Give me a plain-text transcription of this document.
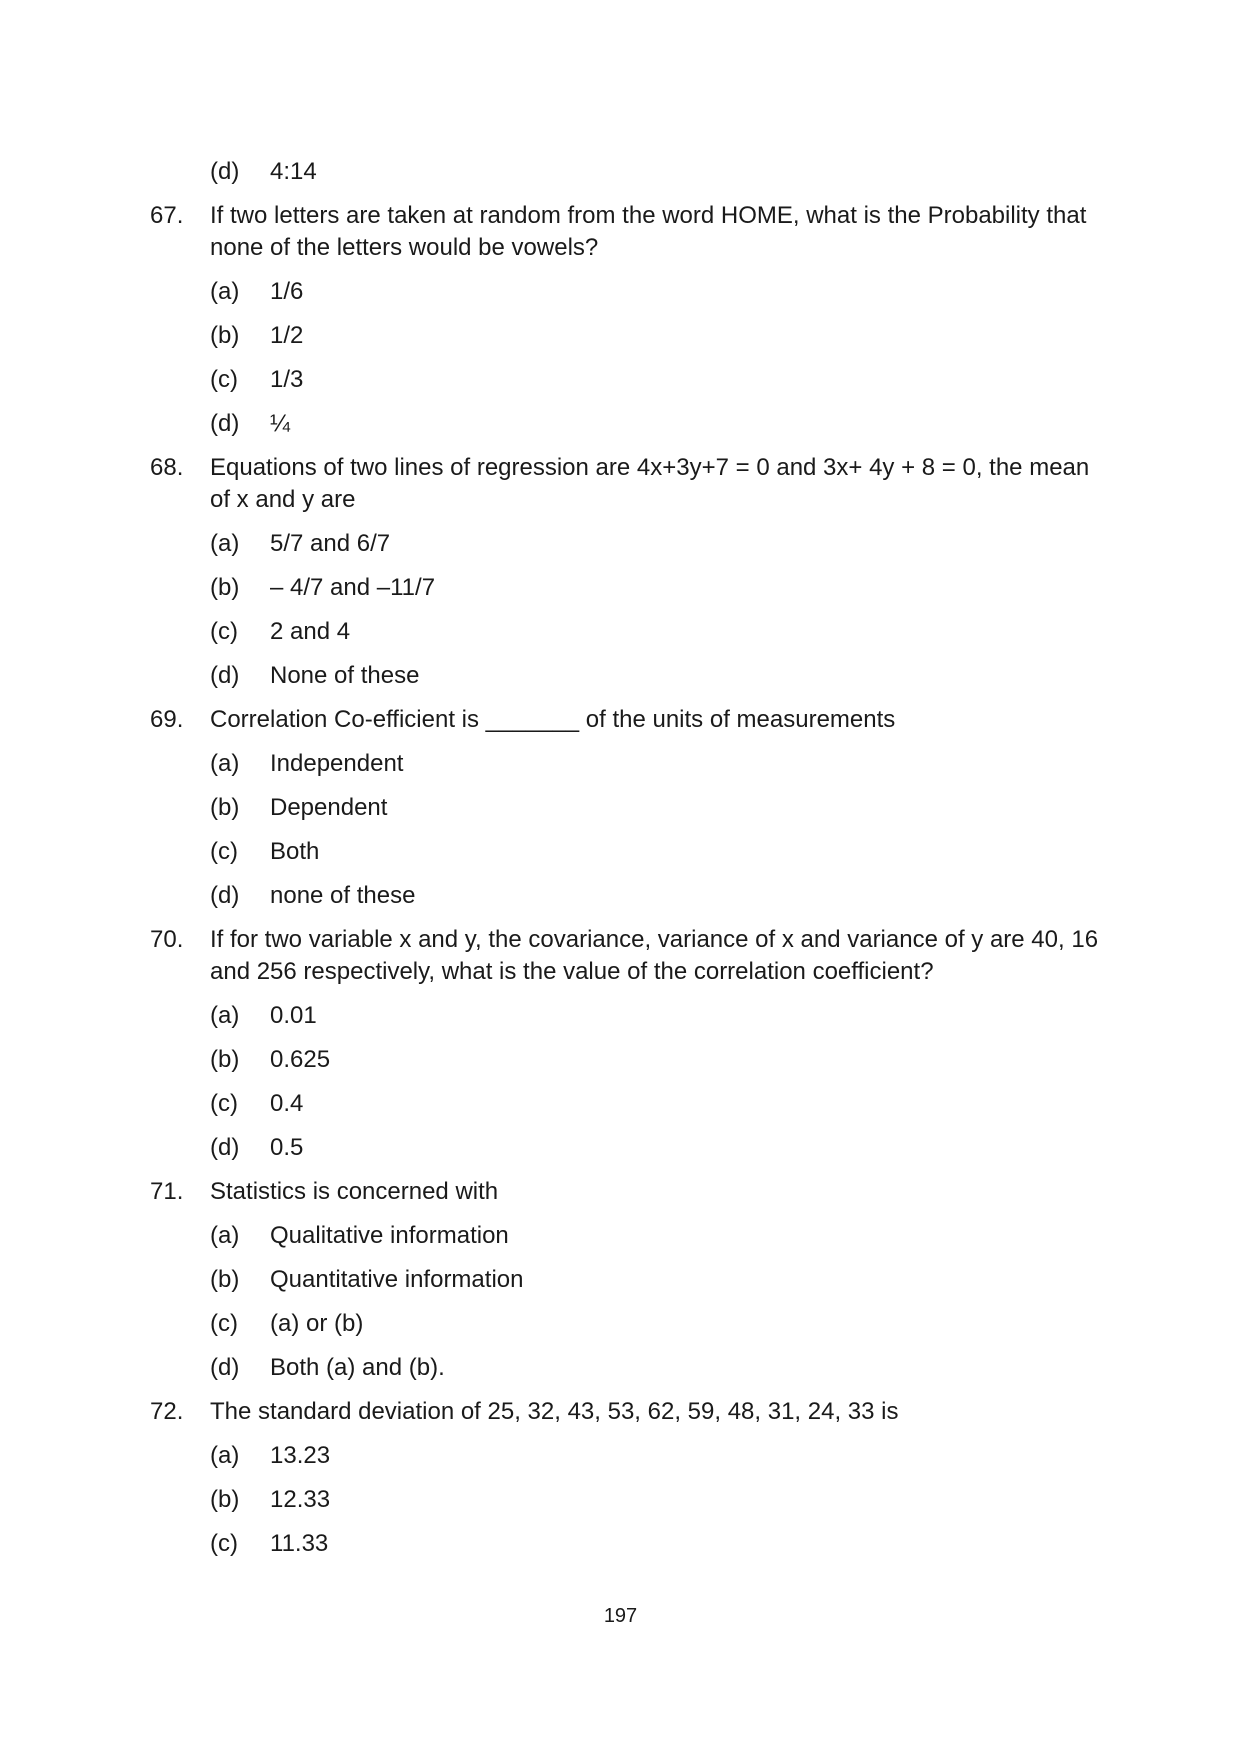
(d) 4:14
67.	If two letters are taken at random from the word HOME, what is the Probability that none of the letters would be vowels?
(a) 1/6
(b) 1/2
(c) 1/3
(d) ¼
68.	Equations of two lines of regression are 4x+3y+7 = 0 and 3x+ 4y + 8 = 0, the mean of x and y are
(a) 5/7 and 6/7
(b) – 4/7 and –11/7
(c) 2 and 4
(d) None of these
69.	Correlation Co-efficient is _______ of the units of measurements
(a) Independent
(b) Dependent
(c) Both
(d) none of these
70.	If for two variable x and y, the covariance, variance of x and variance of y are 40, 16 and 256 respectively, what is the value of the correlation coefficient?
(a) 0.01
(b) 0.625
(c) 0.4
(d) 0.5
71.	Statistics is concerned with
(a) Qualitative information
(b) Quantitative information
(c) (a) or (b)
(d) Both (a) and (b).
72.	The standard deviation of 25, 32, 43, 53, 62, 59, 48, 31, 24, 33 is
(a) 13.23
(b) 12.33
(c) 11.33
197
